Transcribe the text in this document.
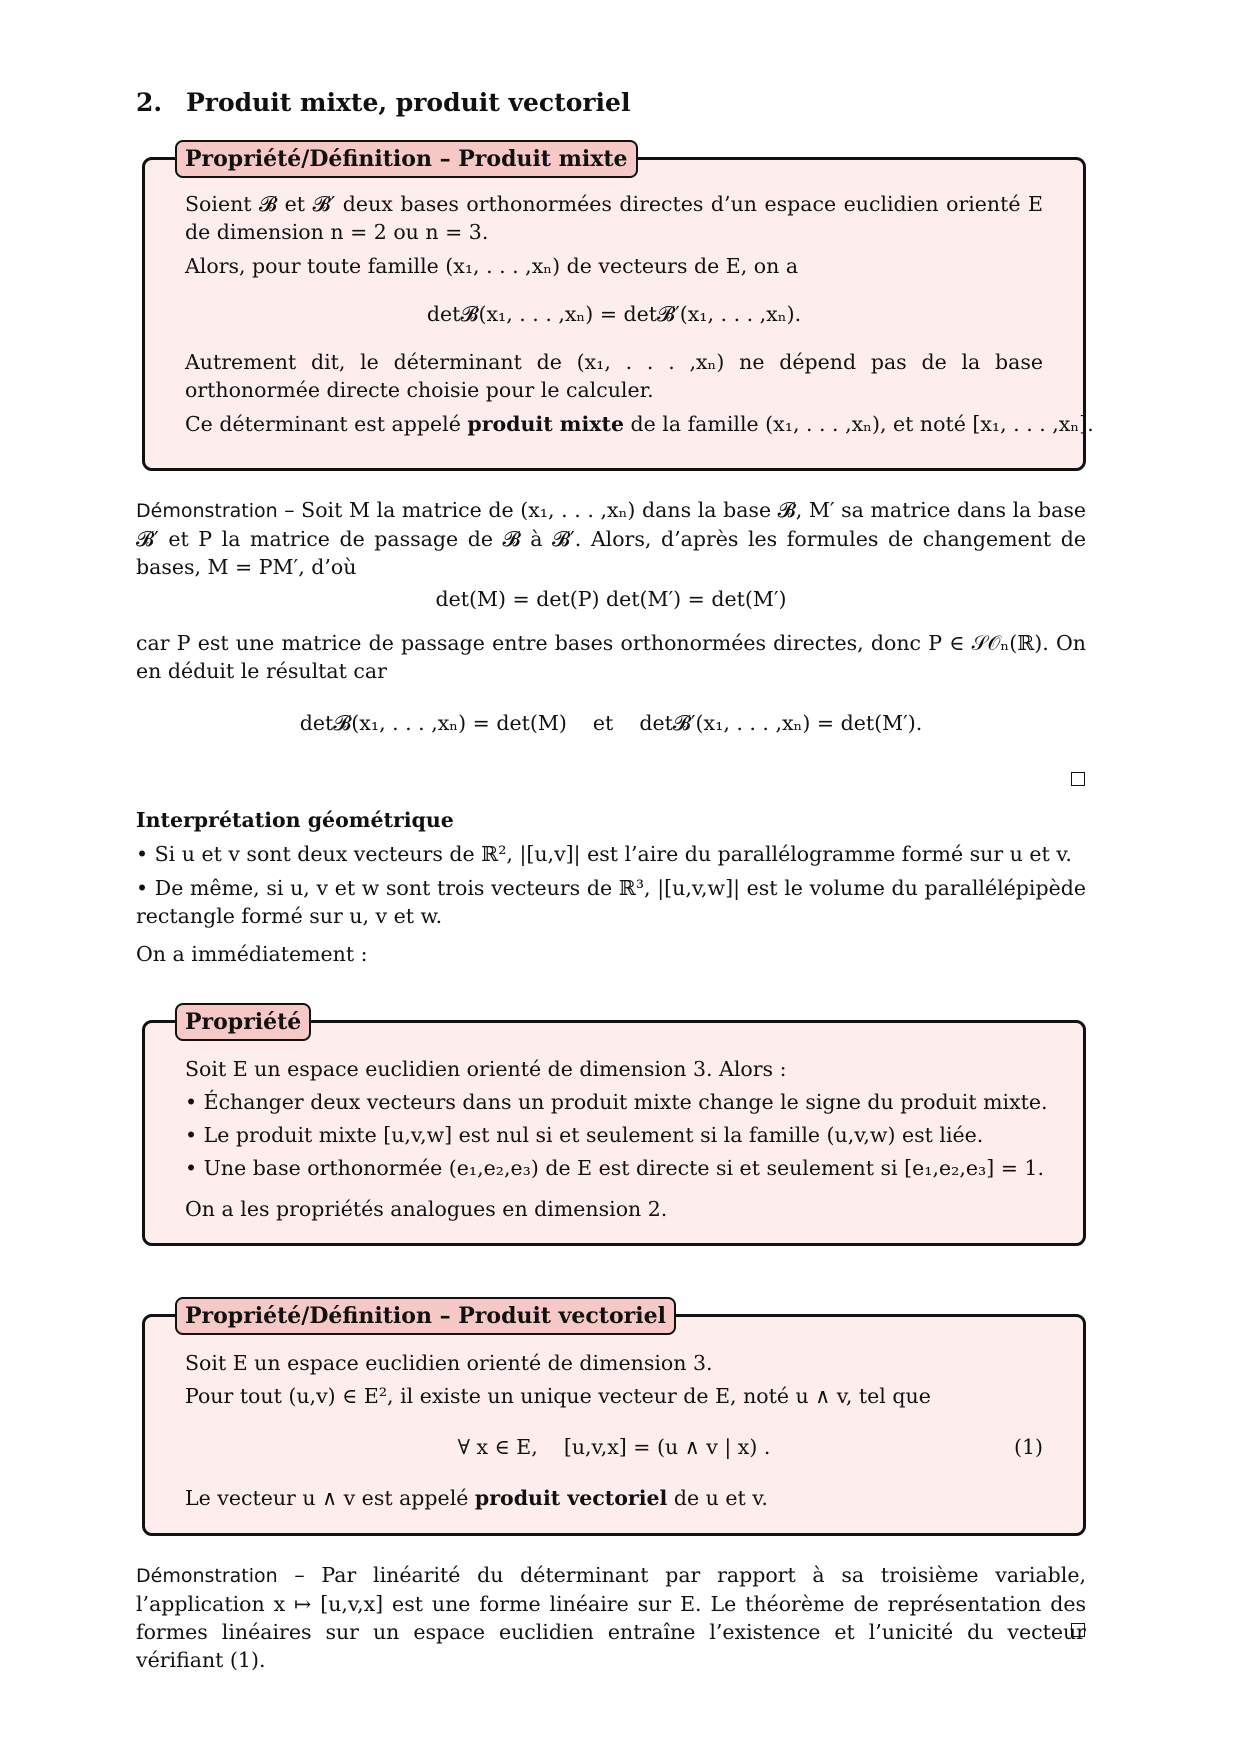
2. Produit mixte, produit vectoriel
Propriété/Définition – Produit mixte
Soient 𝓑 et 𝓑′ deux bases orthonormées directes d’un espace euclidien orienté E de dimension n = 2 ou n = 3.
Alors, pour toute famille (x₁, . . . ,xₙ) de vecteurs de E, on a
det𝓑(x₁, . . . ,xₙ) = det𝓑′(x₁, . . . ,xₙ).
Autrement dit, le déterminant de (x₁, . . . ,xₙ) ne dépend pas de la base orthonormée directe choisie pour le calculer.
Ce déterminant est appelé produit mixte de la famille (x₁, . . . ,xₙ), et noté [x₁, . . . ,xₙ].
Démonstration – Soit M la matrice de (x₁, . . . ,xₙ) dans la base 𝓑, M′ sa matrice dans la base 𝓑′ et P la matrice de passage de 𝓑 à 𝓑′. Alors, d’après les formules de changement de bases, M = PM′, d’où
det(M) = det(P) det(M′) = det(M′)
car P est une matrice de passage entre bases orthonormées directes, donc P ∈ 𝒮𝒪ₙ(ℝ). On en déduit le résultat car
det𝓑(x₁, . . . ,xₙ) = det(M)    et    det𝓑′(x₁, . . . ,xₙ) = det(M′).
Interprétation géométrique
• Si u et v sont deux vecteurs de ℝ², |[u,v]| est l’aire du parallélogramme formé sur u et v.
• De même, si u, v et w sont trois vecteurs de ℝ³, |[u,v,w]| est le volume du parallélépipède rectangle formé sur u, v et w.
On a immédiatement :
Propriété
Soit E un espace euclidien orienté de dimension 3. Alors :
• Échanger deux vecteurs dans un produit mixte change le signe du produit mixte.
• Le produit mixte [u,v,w] est nul si et seulement si la famille (u,v,w) est liée.
• Une base orthonormée (e₁,e₂,e₃) de E est directe si et seulement si [e₁,e₂,e₃] = 1.
On a les propriétés analogues en dimension 2.
Propriété/Définition – Produit vectoriel
Soit E un espace euclidien orienté de dimension 3.
Pour tout (u,v) ∈ E², il existe un unique vecteur de E, noté u ∧ v, tel que
∀ x ∈ E,    [u,v,x] = (u ∧ v | x) .	(1)
Le vecteur u ∧ v est appelé produit vectoriel de u et v.
Démonstration – Par linéarité du déterminant par rapport à sa troisième variable, l’application x ↦ [u,v,x] est une forme linéaire sur E. Le théorème de représentation des formes linéaires sur un espace euclidien entraîne l’existence et l’unicité du vecteur vérifiant (1).
